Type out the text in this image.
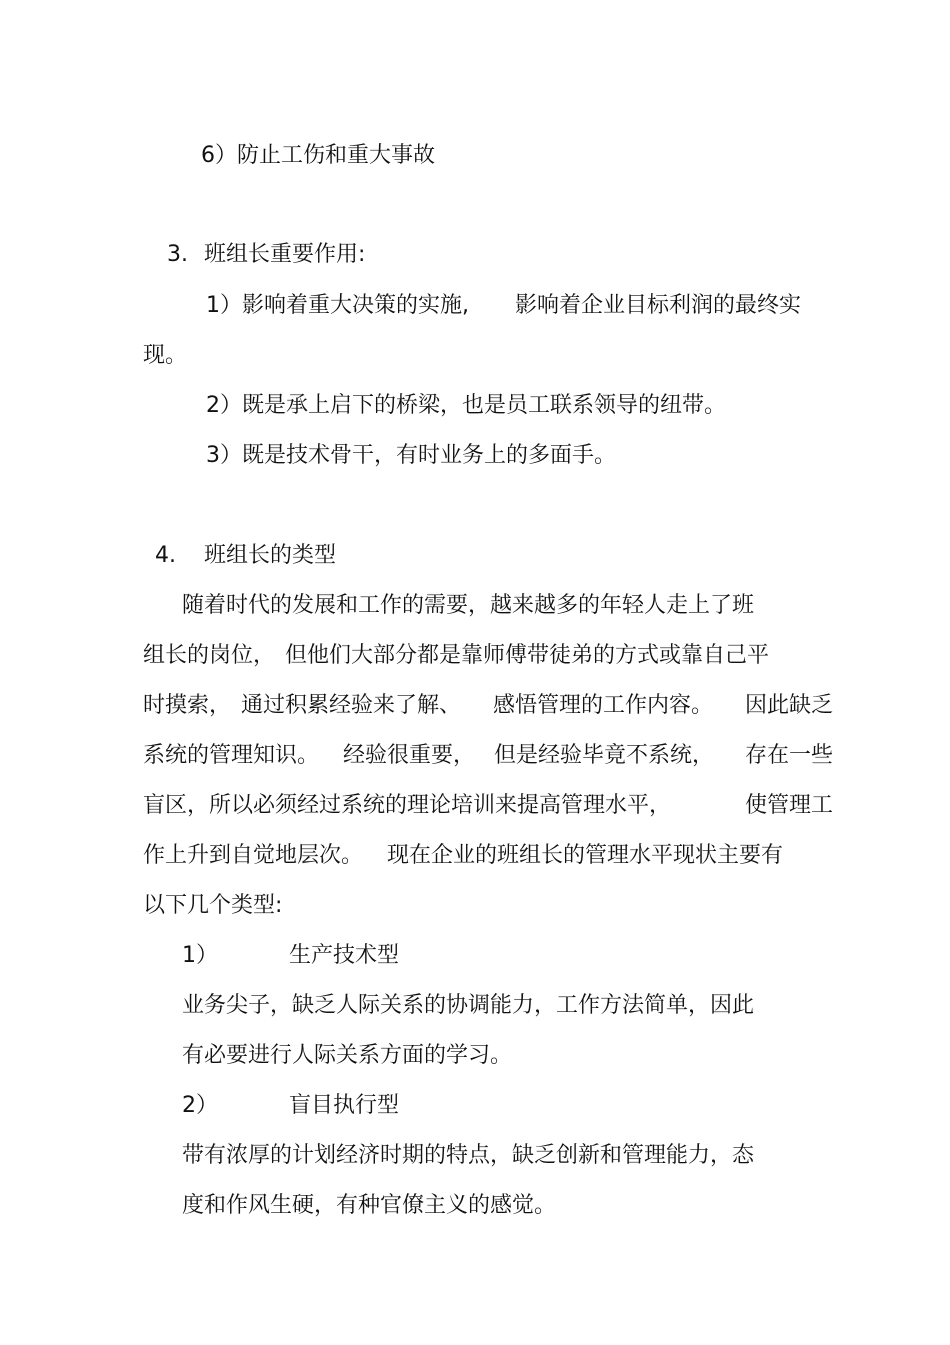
6）防止工伤和重大事故

3. 班组长重要作用:

1）影响着重大决策的实施,
	影响着企业目标利润的最终实

现。

2）既是承上启下的桥梁，也是员工联系领导的纽带。

3）既是技术骨干，有时业务上的多面手。

4. 班组长的类型

随着时代的发展和工作的需要，越来越多的年轻人走上了班

组长的岗位，
但他们大部分都是靠师傅带徒弟的方式或靠自己平

时摸索，
通过积累经验来了解、
	感悟管理的工作内容。
	因此缺乏

系统的管理知识。
	经验很重要，
但是经验毕竟不系统，
	存在一些

盲区，所以必须经过系统的理论培训来提高管理水平，
	使管理工

作上升到自觉地层次。
	现在企业的班组长的管理水平现状主要有

以下几个类型:

1）
	生产技术型

业务尖子，缺乏人际关系的协调能力，工作方法简单，因此

有必要进行人际关系方面的学习。

2）
	盲目执行型

带有浓厚的计划经济时期的特点，缺乏创新和管理能力，态

度和作风生硬，有种官僚主义的感觉。
